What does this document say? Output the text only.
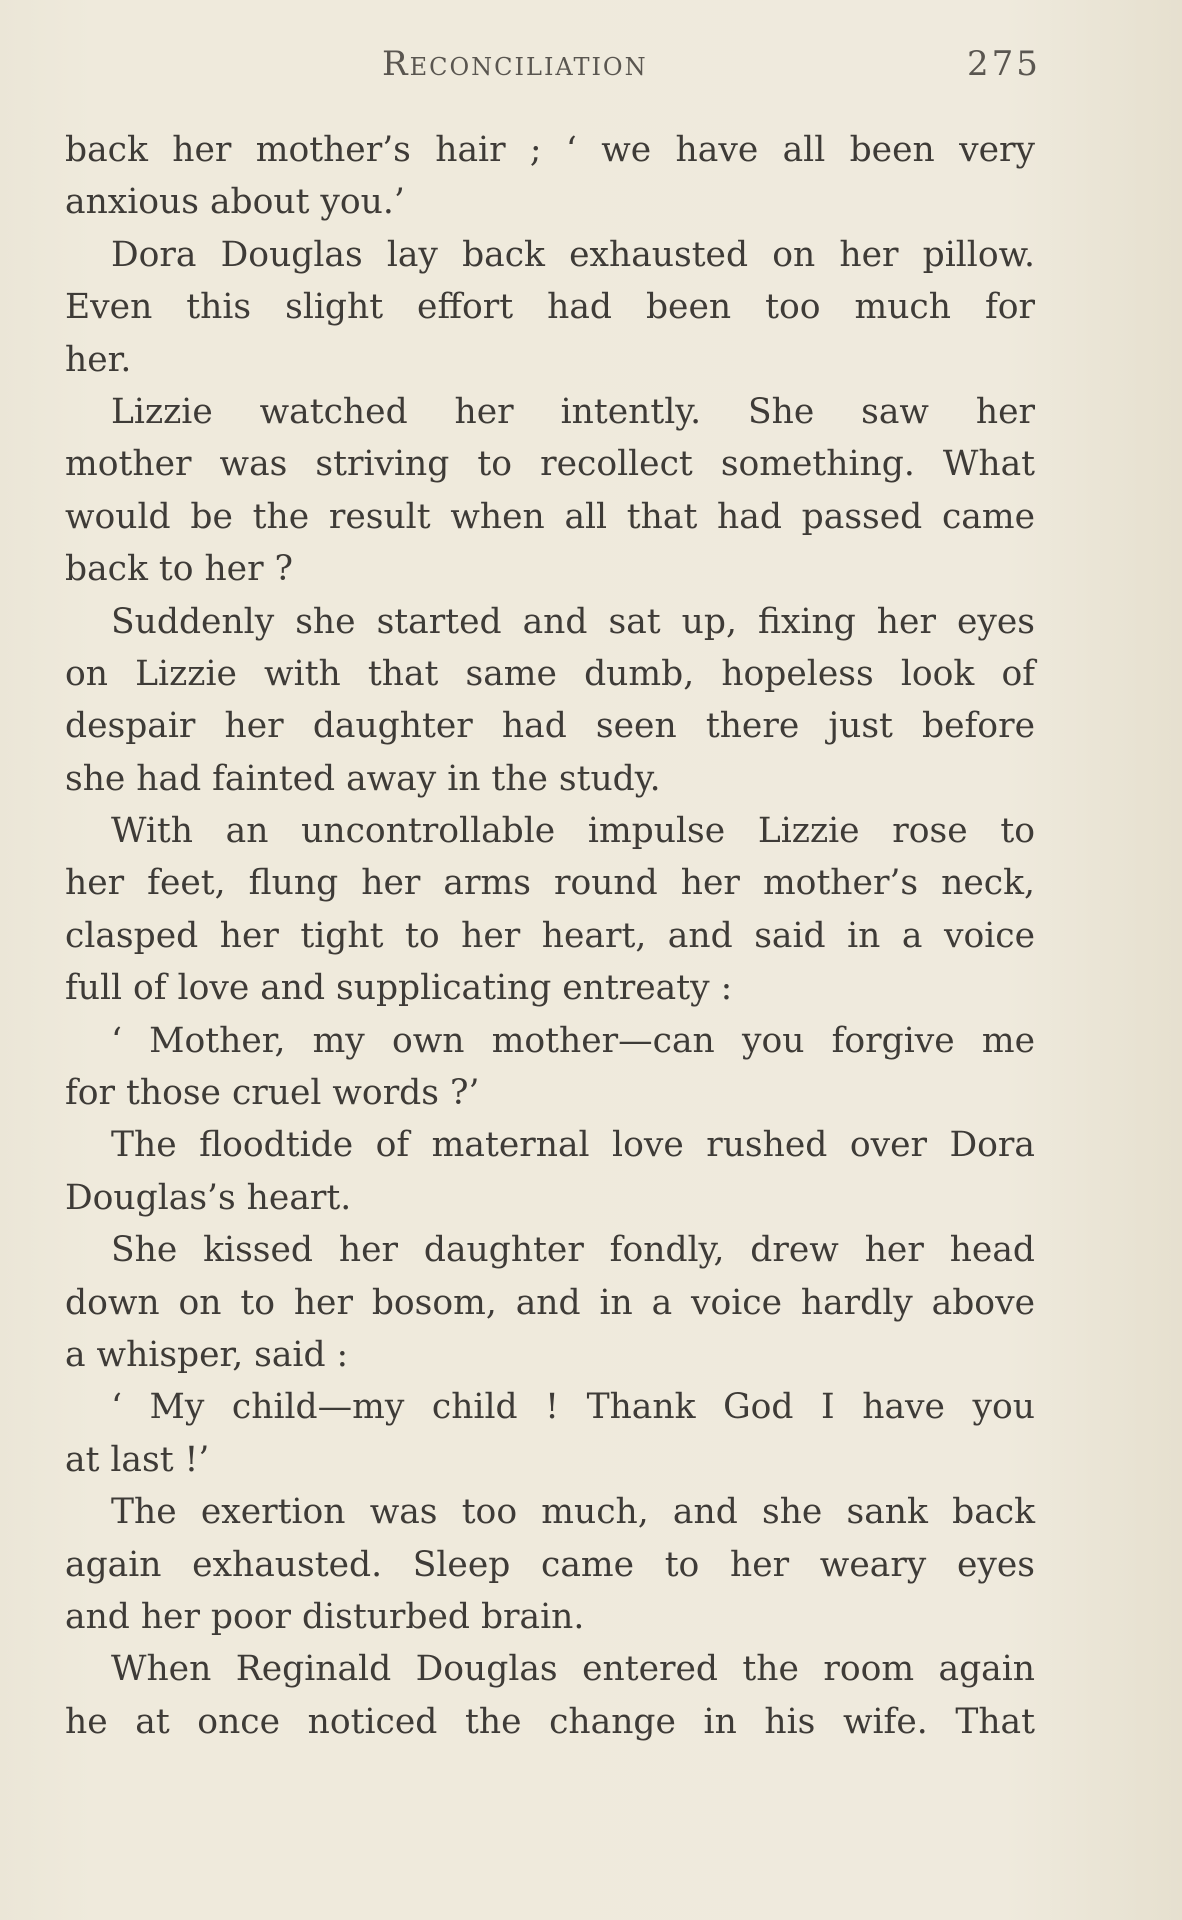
Reconciliation	275
back her mother’s hair ; ‘ we have all been very
anxious about you.’
Dora Douglas lay back exhausted on her pillow.
Even this slight effort had been too much for
her.
Lizzie watched her intently. She saw her
mother was striving to recollect something. What
would be the result when all that had passed came
back to her ?
Suddenly she started and sat up, fixing her eyes
on Lizzie with that same dumb, hopeless look of
despair her daughter had seen there just before
she had fainted away in the study.
With an uncontrollable impulse Lizzie rose to
her feet, flung her arms round her mother’s neck,
clasped her tight to her heart, and said in a voice
full of love and supplicating entreaty :
‘ Mother, my own mother—can you forgive me
for those cruel words ?’
The floodtide of maternal love rushed over Dora
Douglas’s heart.
She kissed her daughter fondly, drew her head
down on to her bosom, and in a voice hardly above
a whisper, said :
‘ My child—my child ! Thank God I have you
at last !’
The exertion was too much, and she sank back
again exhausted. Sleep came to her weary eyes
and her poor disturbed brain.
When Reginald Douglas entered the room again
he at once noticed the change in his wife. That
